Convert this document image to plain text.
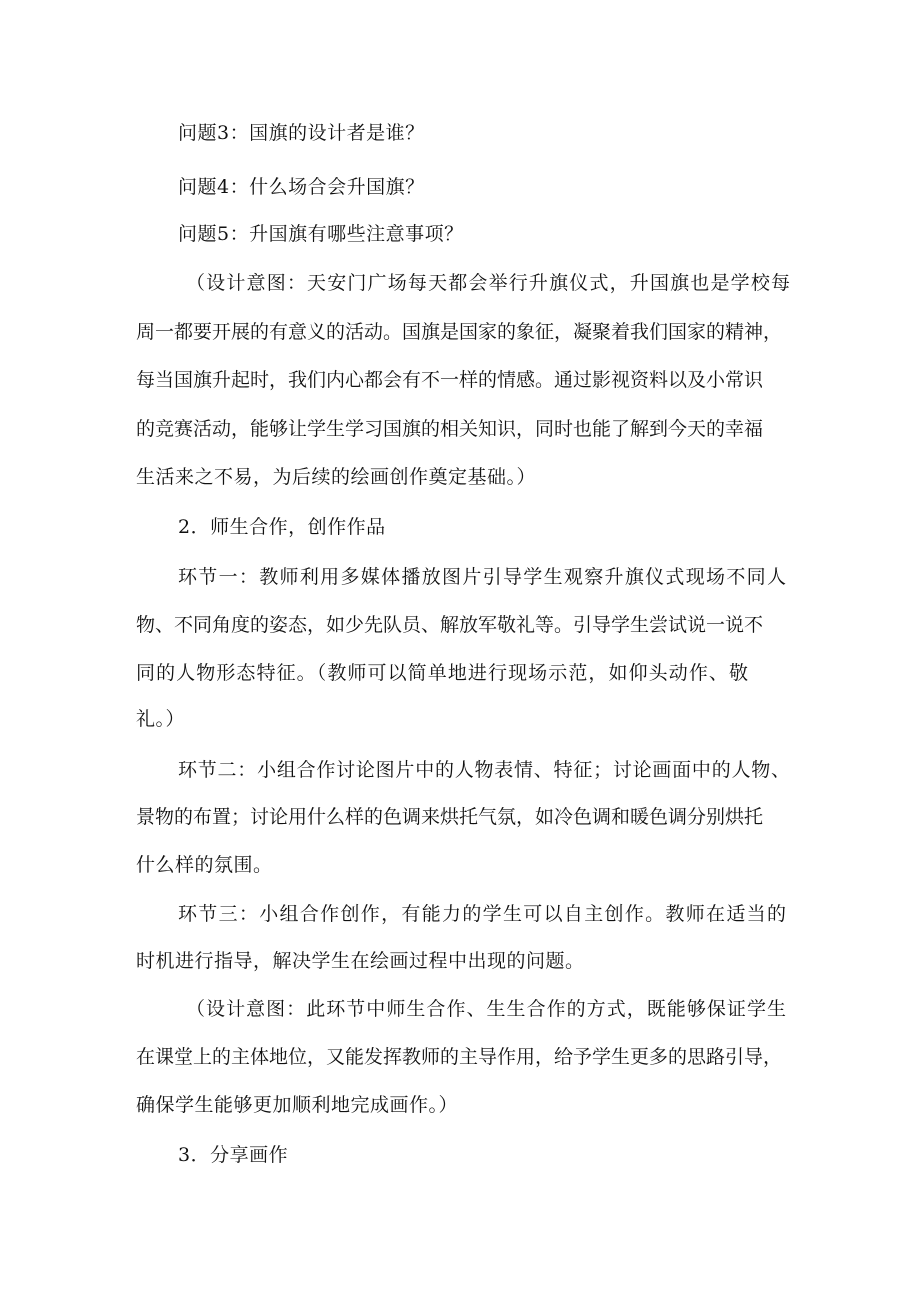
问题3：国旗的设计者是谁？
问题4：什么场合会升国旗？
问题5：升国旗有哪些注意事项？
（设计意图：天安门广场每天都会举行升旗仪式，升国旗也是学校每
周一都要开展的有意义的活动。国旗是国家的象征，凝聚着我们国家的精神，
每当国旗升起时，我们内心都会有不一样的情感。通过影视资料以及小常识
的竞赛活动，能够让学生学习国旗的相关知识，同时也能了解到今天的幸福
生活来之不易，为后续的绘画创作奠定基础。）
2．师生合作，创作作品
环节一：教师利用多媒体播放图片引导学生观察升旗仪式现场不同人
物、不同角度的姿态，如少先队员、解放军敬礼等。引导学生尝试说一说不
同的人物形态特征。（教师可以简单地进行现场示范，如仰头动作、敬
礼。）
环节二：小组合作讨论图片中的人物表情、特征；讨论画面中的人物、
景物的布置；讨论用什么样的色调来烘托气氛，如冷色调和暖色调分别烘托
什么样的氛围。
环节三：小组合作创作，有能力的学生可以自主创作。教师在适当的
时机进行指导，解决学生在绘画过程中出现的问题。
（设计意图：此环节中师生合作、生生合作的方式，既能够保证学生
在课堂上的主体地位，又能发挥教师的主导作用，给予学生更多的思路引导，
确保学生能够更加顺利地完成画作。）
3．分享画作
